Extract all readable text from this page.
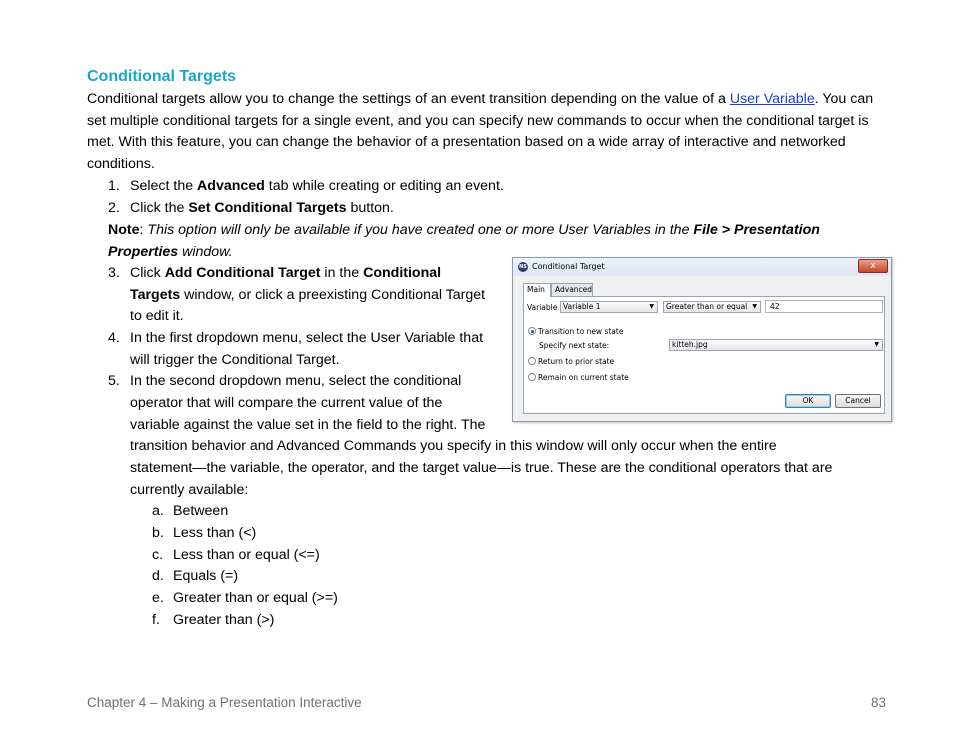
Conditional Targets

Conditional targets allow you to change the settings of an event transition depending on the value of a User Variable. You can set multiple conditional targets for a single event, and you can specify new commands to occur when the conditional target is met. With this feature, you can change the behavior of a presentation based on a wide array of interactive and networked conditions.

1. Select the Advanced tab while creating or editing an event.
2. Click the Set Conditional Targets button.
Note: This option will only be available if you have created one or more User Variables in the File > Presentation
Properties window.
3. Click Add Conditional Target in the Conditional
Targets window, or click a preexisting Conditional Target
to edit it.
4. In the first dropdown menu, select the User Variable that
will trigger the Conditional Target.
5. In the second dropdown menu, select the conditional
operator that will compare the current value of the
variable against the value set in the field to the right. The
transition behavior and Advanced Commands you specify in this window will only occur when the entire
statement—the variable, the operator, and the target value—is true. These are the conditional operators that are
currently available:
a. Between
b. Less than (<)
c. Less than or equal (<=)
d. Equals (=)
e. Greater than or equal (>=)
f. Greater than (>)
NS Conditional Target	x
Main	Advanced
Variable Variable 1	▼	Greater than or equal ▼	42
Transition to new state
Specify next state:	kitteh.jpg	▼
Return to prior state
Remain on current state
OK	Cancel
Chapter 4 – Making a Presentation Interactive	83
